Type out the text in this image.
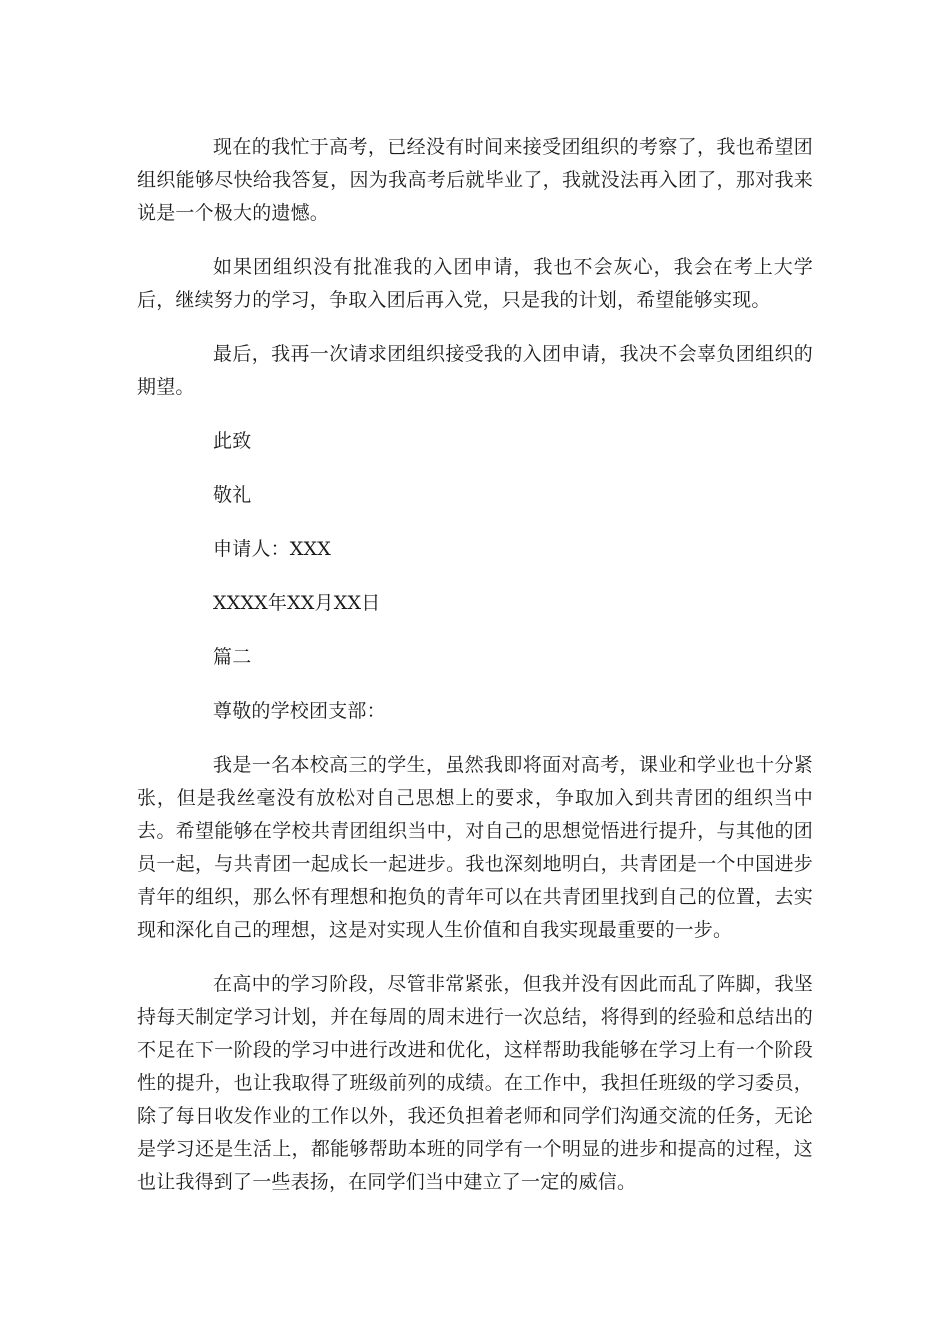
现在的我忙于高考，已经没有时间来接受团组织的考察了，我也希望团组织能够尽快给我答复，因为我高考后就毕业了，我就没法再入团了，那对我来说是一个极大的遗憾。

如果团组织没有批准我的入团申请，我也不会灰心，我会在考上大学后，继续努力的学习，争取入团后再入党，只是我的计划，希望能够实现。

最后，我再一次请求团组织接受我的入团申请，我决不会辜负团组织的期望。

此致

敬礼

申请人：XXX

XXXX年XX月XX日

篇二

尊敬的学校团支部：

我是一名本校高三的学生，虽然我即将面对高考，课业和学业也十分紧张，但是我丝毫没有放松对自己思想上的要求，争取加入到共青团的组织当中去。希望能够在学校共青团组织当中，对自己的思想觉悟进行提升，与其他的团员一起，与共青团一起成长一起进步。我也深刻地明白，共青团是一个中国进步青年的组织，那么怀有理想和抱负的青年可以在共青团里找到自己的位置，去实现和深化自己的理想，这是对实现人生价值和自我实现最重要的一步。

在高中的学习阶段，尽管非常紧张，但我并没有因此而乱了阵脚，我坚持每天制定学习计划，并在每周的周末进行一次总结，将得到的经验和总结出的不足在下一阶段的学习中进行改进和优化，这样帮助我能够在学习上有一个阶段性的提升，也让我取得了班级前列的成绩。在工作中，我担任班级的学习委员，除了每日收发作业的工作以外，我还负担着老师和同学们沟通交流的任务，无论是学习还是生活上，都能够帮助本班的同学有一个明显的进步和提高的过程，这也让我得到了一些表扬，在同学们当中建立了一定的威信。
